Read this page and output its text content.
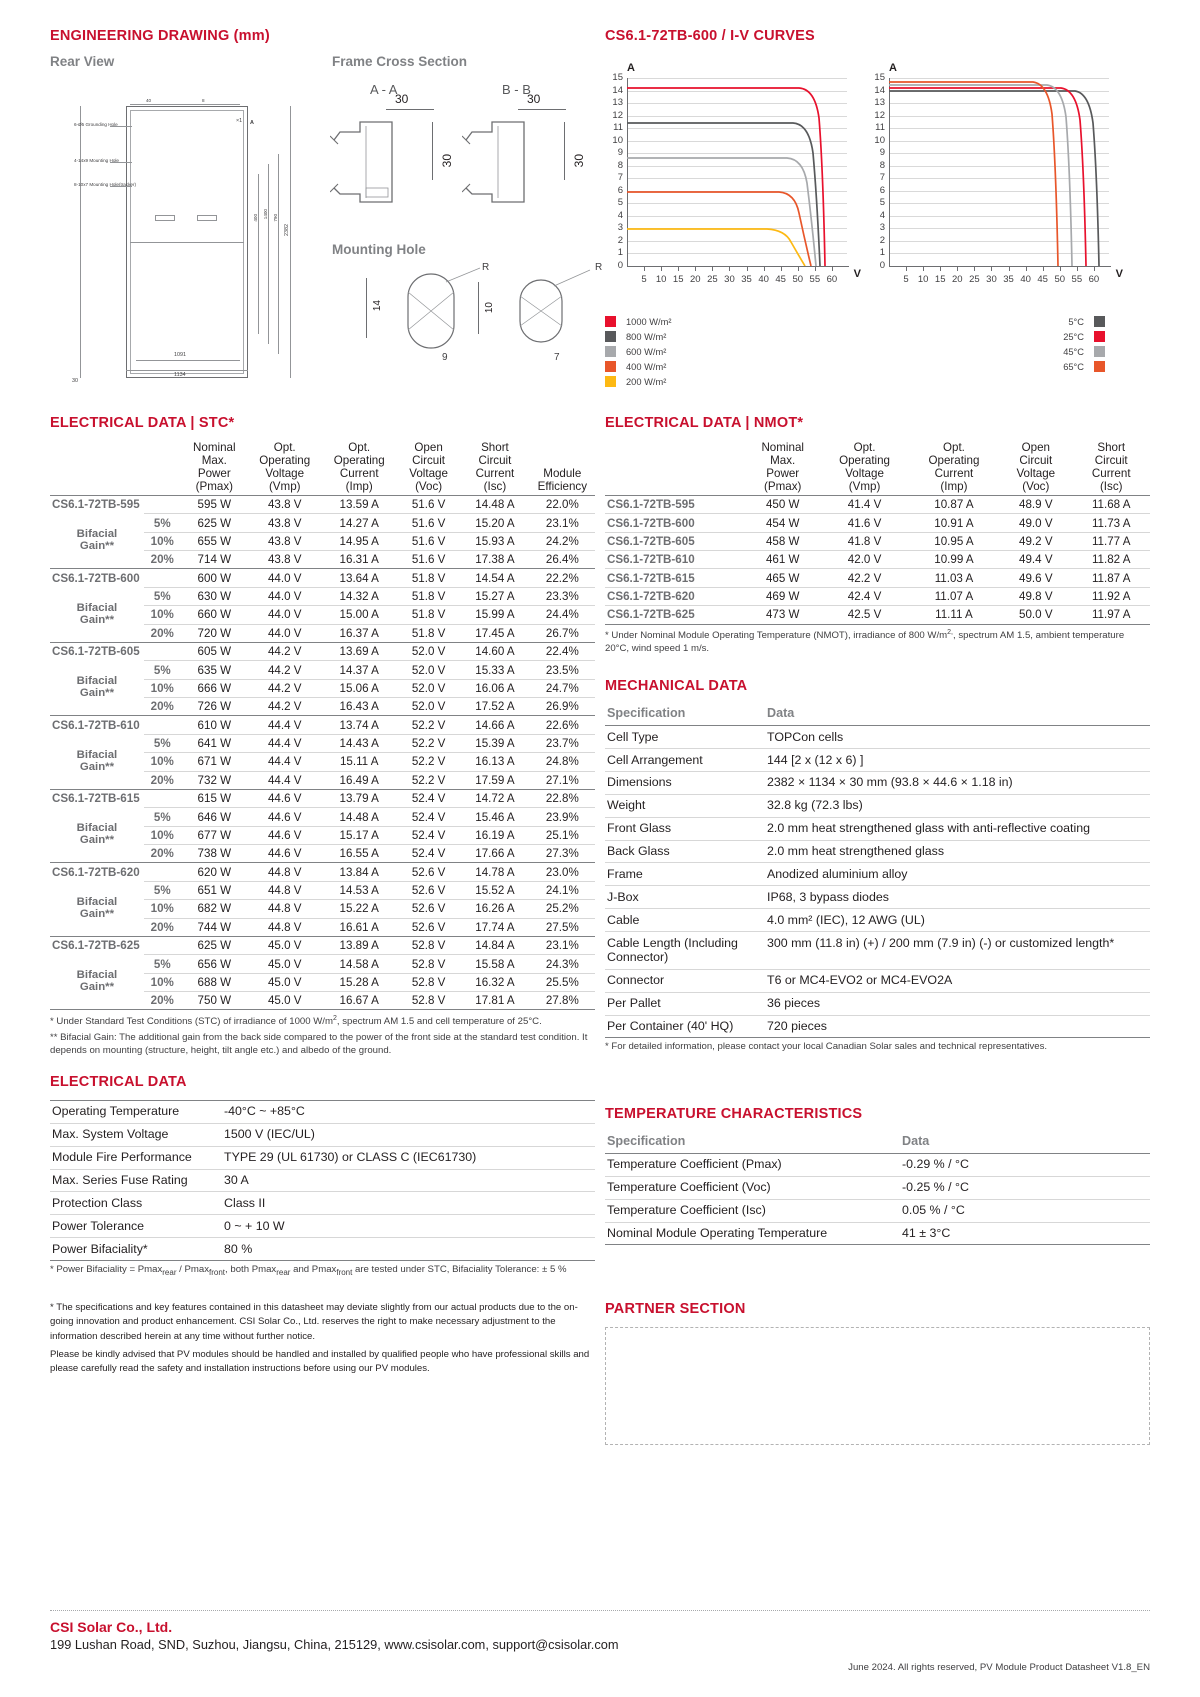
ENGINEERING DRAWING (mm)
Rear View	Frame Cross Section
A - A	B - B
Mounting Hole
30
40	8
6-Ø5 Grounding Hole
4-14x9 Mounting Hole
8-10x7 Mounting Hole(tracker)
A
×1
400 1400 790
2382
1091
1134
30
30
30
30
R
14
9
R
10
7
CS6.1-72TB-600 / I-V CURVES
A
V
15
14
13
12
11
10
9
8
7
6
5
4
3
2
1
0
5 10 15 20 25 30 35 40 45 50 55 60
A
V
15
14
13
12
11
10
9
8
7
6
5
4
3
2
1
0
5 10 15 20 25 30 35 40 45 50 55 60
1000 W/m²
800 W/m²
600 W/m²
400 W/m²
200 W/m²
5°C
25°C
45°C
65°C
ELECTRICAL DATA | STC*
		Nominal
Max.
Power
(Pmax)	Opt.
Operating
Voltage
(Vmp)	Opt.
Operating
Current
(Imp)	Open
Circuit
Voltage
(Voc)	Short
Circuit
Current
(Isc)	Module
Efficiency
CS6.1-72TB-595		595 W	43.8 V	13.59 A	51.6 V	14.48 A	22.0%
Bifacial
Gain**	5%	625 W	43.8 V	14.27 A	51.6 V	15.20 A	23.1%
	10%	655 W	43.8 V	14.95 A	51.6 V	15.93 A	24.2%
	20%	714 W	43.8 V	16.31 A	51.6 V	17.38 A	26.4%
CS6.1-72TB-600		600 W	44.0 V	13.64 A	51.8 V	14.54 A	22.2%
Bifacial
Gain**	5%	630 W	44.0 V	14.32 A	51.8 V	15.27 A	23.3%
	10%	660 W	44.0 V	15.00 A	51.8 V	15.99 A	24.4%
	20%	720 W	44.0 V	16.37 A	51.8 V	17.45 A	26.7%
CS6.1-72TB-605		605 W	44.2 V	13.69 A	52.0 V	14.60 A	22.4%
Bifacial
Gain**	5%	635 W	44.2 V	14.37 A	52.0 V	15.33 A	23.5%
	10%	666 W	44.2 V	15.06 A	52.0 V	16.06 A	24.7%
	20%	726 W	44.2 V	16.43 A	52.0 V	17.52 A	26.9%
CS6.1-72TB-610		610 W	44.4 V	13.74 A	52.2 V	14.66 A	22.6%
Bifacial
Gain**	5%	641 W	44.4 V	14.43 A	52.2 V	15.39 A	23.7%
	10%	671 W	44.4 V	15.11 A	52.2 V	16.13 A	24.8%
	20%	732 W	44.4 V	16.49 A	52.2 V	17.59 A	27.1%
CS6.1-72TB-615		615 W	44.6 V	13.79 A	52.4 V	14.72 A	22.8%
Bifacial
Gain**	5%	646 W	44.6 V	14.48 A	52.4 V	15.46 A	23.9%
	10%	677 W	44.6 V	15.17 A	52.4 V	16.19 A	25.1%
	20%	738 W	44.6 V	16.55 A	52.4 V	17.66 A	27.3%
CS6.1-72TB-620		620 W	44.8 V	13.84 A	52.6 V	14.78 A	23.0%
Bifacial
Gain**	5%	651 W	44.8 V	14.53 A	52.6 V	15.52 A	24.1%
	10%	682 W	44.8 V	15.22 A	52.6 V	16.26 A	25.2%
	20%	744 W	44.8 V	16.61 A	52.6 V	17.74 A	27.5%
CS6.1-72TB-625		625 W	45.0 V	13.89 A	52.8 V	14.84 A	23.1%
Bifacial
Gain**	5%	656 W	45.0 V	14.58 A	52.8 V	15.58 A	24.3%
	10%	688 W	45.0 V	15.28 A	52.8 V	16.32 A	25.5%
	20%	750 W	45.0 V	16.67 A	52.8 V	17.81 A	27.8%

* Under Standard Test Conditions (STC) of irradiance of 1000 $W/m^2$, spectrum AM 1.5 and cell temperature of 25°C.
** Bifacial Gain: The additional gain from the back side compared to the power of the front side at the standard test condition. It depends on mounting (structure, height, tilt angle etc.) and albedo of the ground.
ELECTRICAL DATA | NMOT*
	Nominal
Max.
Power
(Pmax)	Opt.
Operating
Voltage
(Vmp)	Opt.
Operating
Current
(Imp)	Open
Circuit
Voltage
(Voc)	Short
Circuit
Current
(Isc)
CS6.1-72TB-595	450 W	41.4 V	10.87 A	48.9 V	11.68 A
CS6.1-72TB-600	454 W	41.6 V	10.91 A	49.0 V	11.73 A
CS6.1-72TB-605	458 W	41.8 V	10.95 A	49.2 V	11.77 A
CS6.1-72TB-610	461 W	42.0 V	10.99 A	49.4 V	11.82 A
CS6.1-72TB-615	465 W	42.2 V	11.03 A	49.6 V	11.87 A
CS6.1-72TB-620	469 W	42.4 V	11.07 A	49.8 V	11.92 A
CS6.1-72TB-625	473 W	42.5 V	11.11 A	50.0 V	11.97 A

* Under Nominal Module Operating Temperature (NMOT), irradiance of 800 $W/m^{2,}$, spectrum AM 1.5, ambient temperature 20°C, wind speed 1 m/s.
MECHANICAL DATA
Specification	Data
Cell Type	TOPCon cells
Cell Arrangement	144 [2 x (12 x 6) ]
Dimensions	2382 × 1134 × 30 mm (93.8 × 44.6 × 1.18 in)
Weight	32.8 kg (72.3 lbs)
Front Glass	2.0 mm heat strengthened glass with anti-reflective coating
Back Glass	2.0 mm heat strengthened glass
Frame	Anodized aluminium alloy
J-Box	IP68, 3 bypass diodes
Cable	4.0 mm² (IEC), 12 AWG (UL)
Cable Length (Including Connector)	300 mm (11.8 in) (+) / 200 mm (7.9 in) (-) or customized length*
Connector	T6 or MC4-EVO2 or MC4-EVO2A
Per Pallet	36 pieces
Per Container (40' HQ)	720 pieces
* For detailed information, please contact your local Canadian Solar sales and technical representatives.
ELECTRICAL DATA
Operating Temperature	-40°C ~ +85°C
Max. System Voltage	1500 V (IEC/UL)
Module Fire Performance	TYPE 29 (UL 61730) or CLASS C (IEC61730)
Max. Series Fuse Rating	30 A
Protection Class	Class II
Power Tolerance	0 ~ + 10 W
Power Bifaciality*	80 %
* Power Bifaciality = Pmax$_{rear}$ / Pmax$_{front}$, both Pmax$_{rear}$ and Pmax$_{front}$ are tested under STC, Bifaciality Tolerance: ± 5 %
TEMPERATURE CHARACTERISTICS
Specification	Data
Temperature Coefficient (Pmax)	-0.29 % / °C
Temperature Coefficient (Voc)	-0.25 % / °C
Temperature Coefficient (Isc)	0.05 % / °C
Nominal Module Operating Temperature	41 ± 3°C
* The specifications and key features contained in this datasheet may deviate slightly from our actual products due to the on-going innovation and product enhancement. CSI Solar Co., Ltd. reserves the right to make necessary adjustment to the information described herein at any time without further notice.
Please be kindly advised that PV modules should be handled and installed by qualified people who have professional skills and please carefully read the safety and installation instructions before using our PV modules.
PARTNER SECTION
CSI Solar Co., Ltd.
199 Lushan Road, SND, Suzhou, Jiangsu, China, 215129, www.csisolar.com, support@csisolar.com
June 2024. All rights reserved, PV Module Product Datasheet V1.8_EN
